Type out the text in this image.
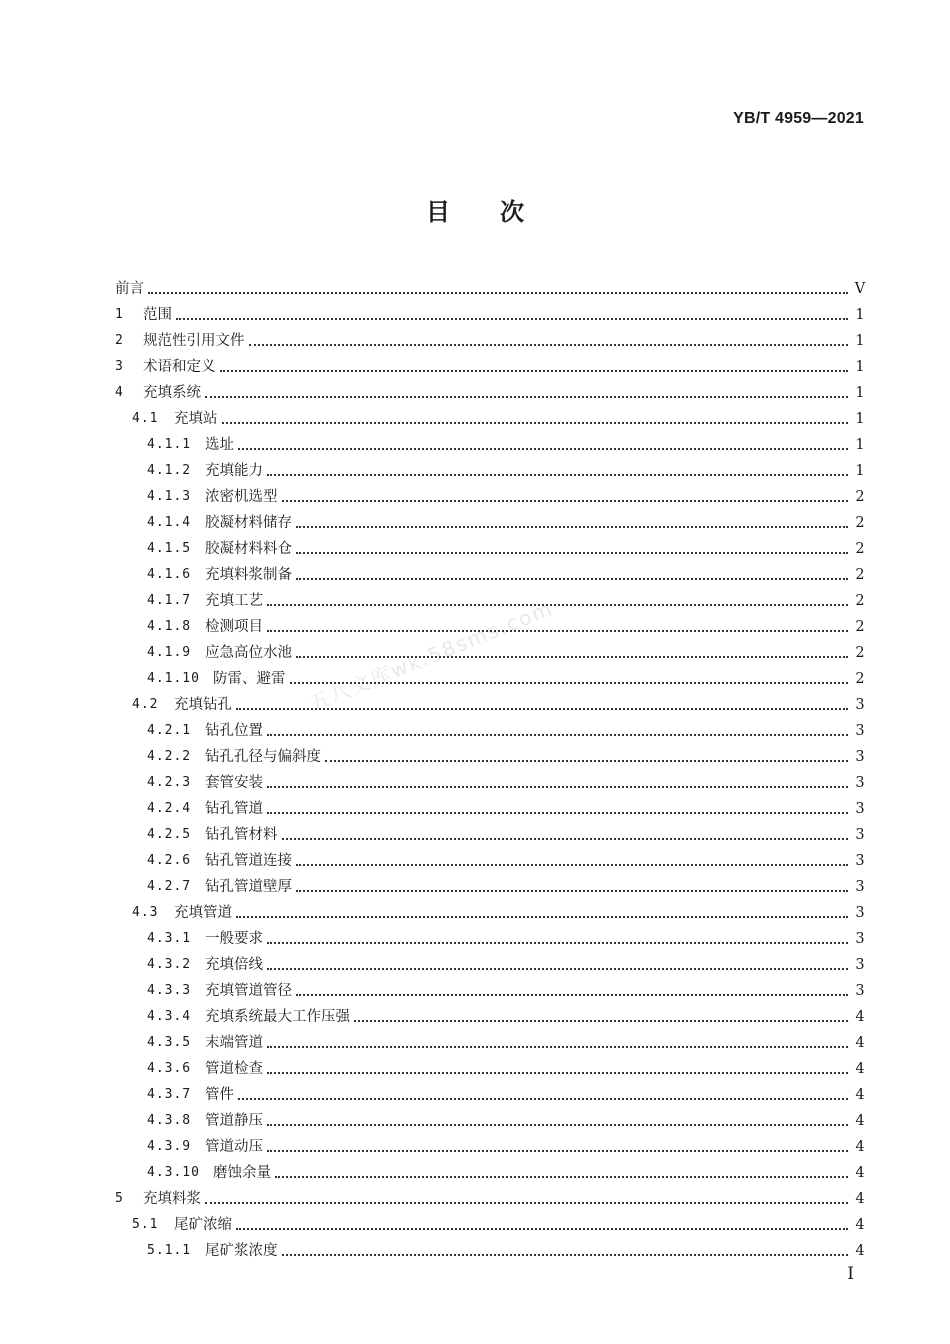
YB/T 4959—2021
目 次
五八文库wk.58sms.com
前言	V
1	范围	1
2	规范性引用文件	1
3	术语和定义	1
4	充填系统	1
4.1	充填站	1
4.1.1 选址	1
4.1.2 充填能力	1
4.1.3 浓密机选型	2
4.1.4 胶凝材料储存	2
4.1.5 胶凝材料料仓	2
4.1.6 充填料浆制备	2
4.1.7 充填工艺	2
4.1.8 检测项目	2
4.1.9 应急高位水池	2
4.1.10 防雷、避雷	2
4.2	充填钻孔	3
4.2.1 钻孔位置	3
4.2.2 钻孔孔径与偏斜度	3
4.2.3 套管安装	3
4.2.4 钻孔管道	3
4.2.5 钻孔管材料	3
4.2.6 钻孔管道连接	3
4.2.7 钻孔管道壁厚	3
4.3	充填管道	3
4.3.1 一般要求	3
4.3.2 充填倍线	3
4.3.3 充填管道管径	3
4.3.4 充填系统最大工作压强	4
4.3.5 末端管道	4
4.3.6 管道检查	4
4.3.7 管件	4
4.3.8 管道静压	4
4.3.9 管道动压	4
4.3.10 磨蚀余量	4
5	充填料浆	4
5.1	尾矿浓缩	4
5.1.1 尾矿浆浓度	4
I
